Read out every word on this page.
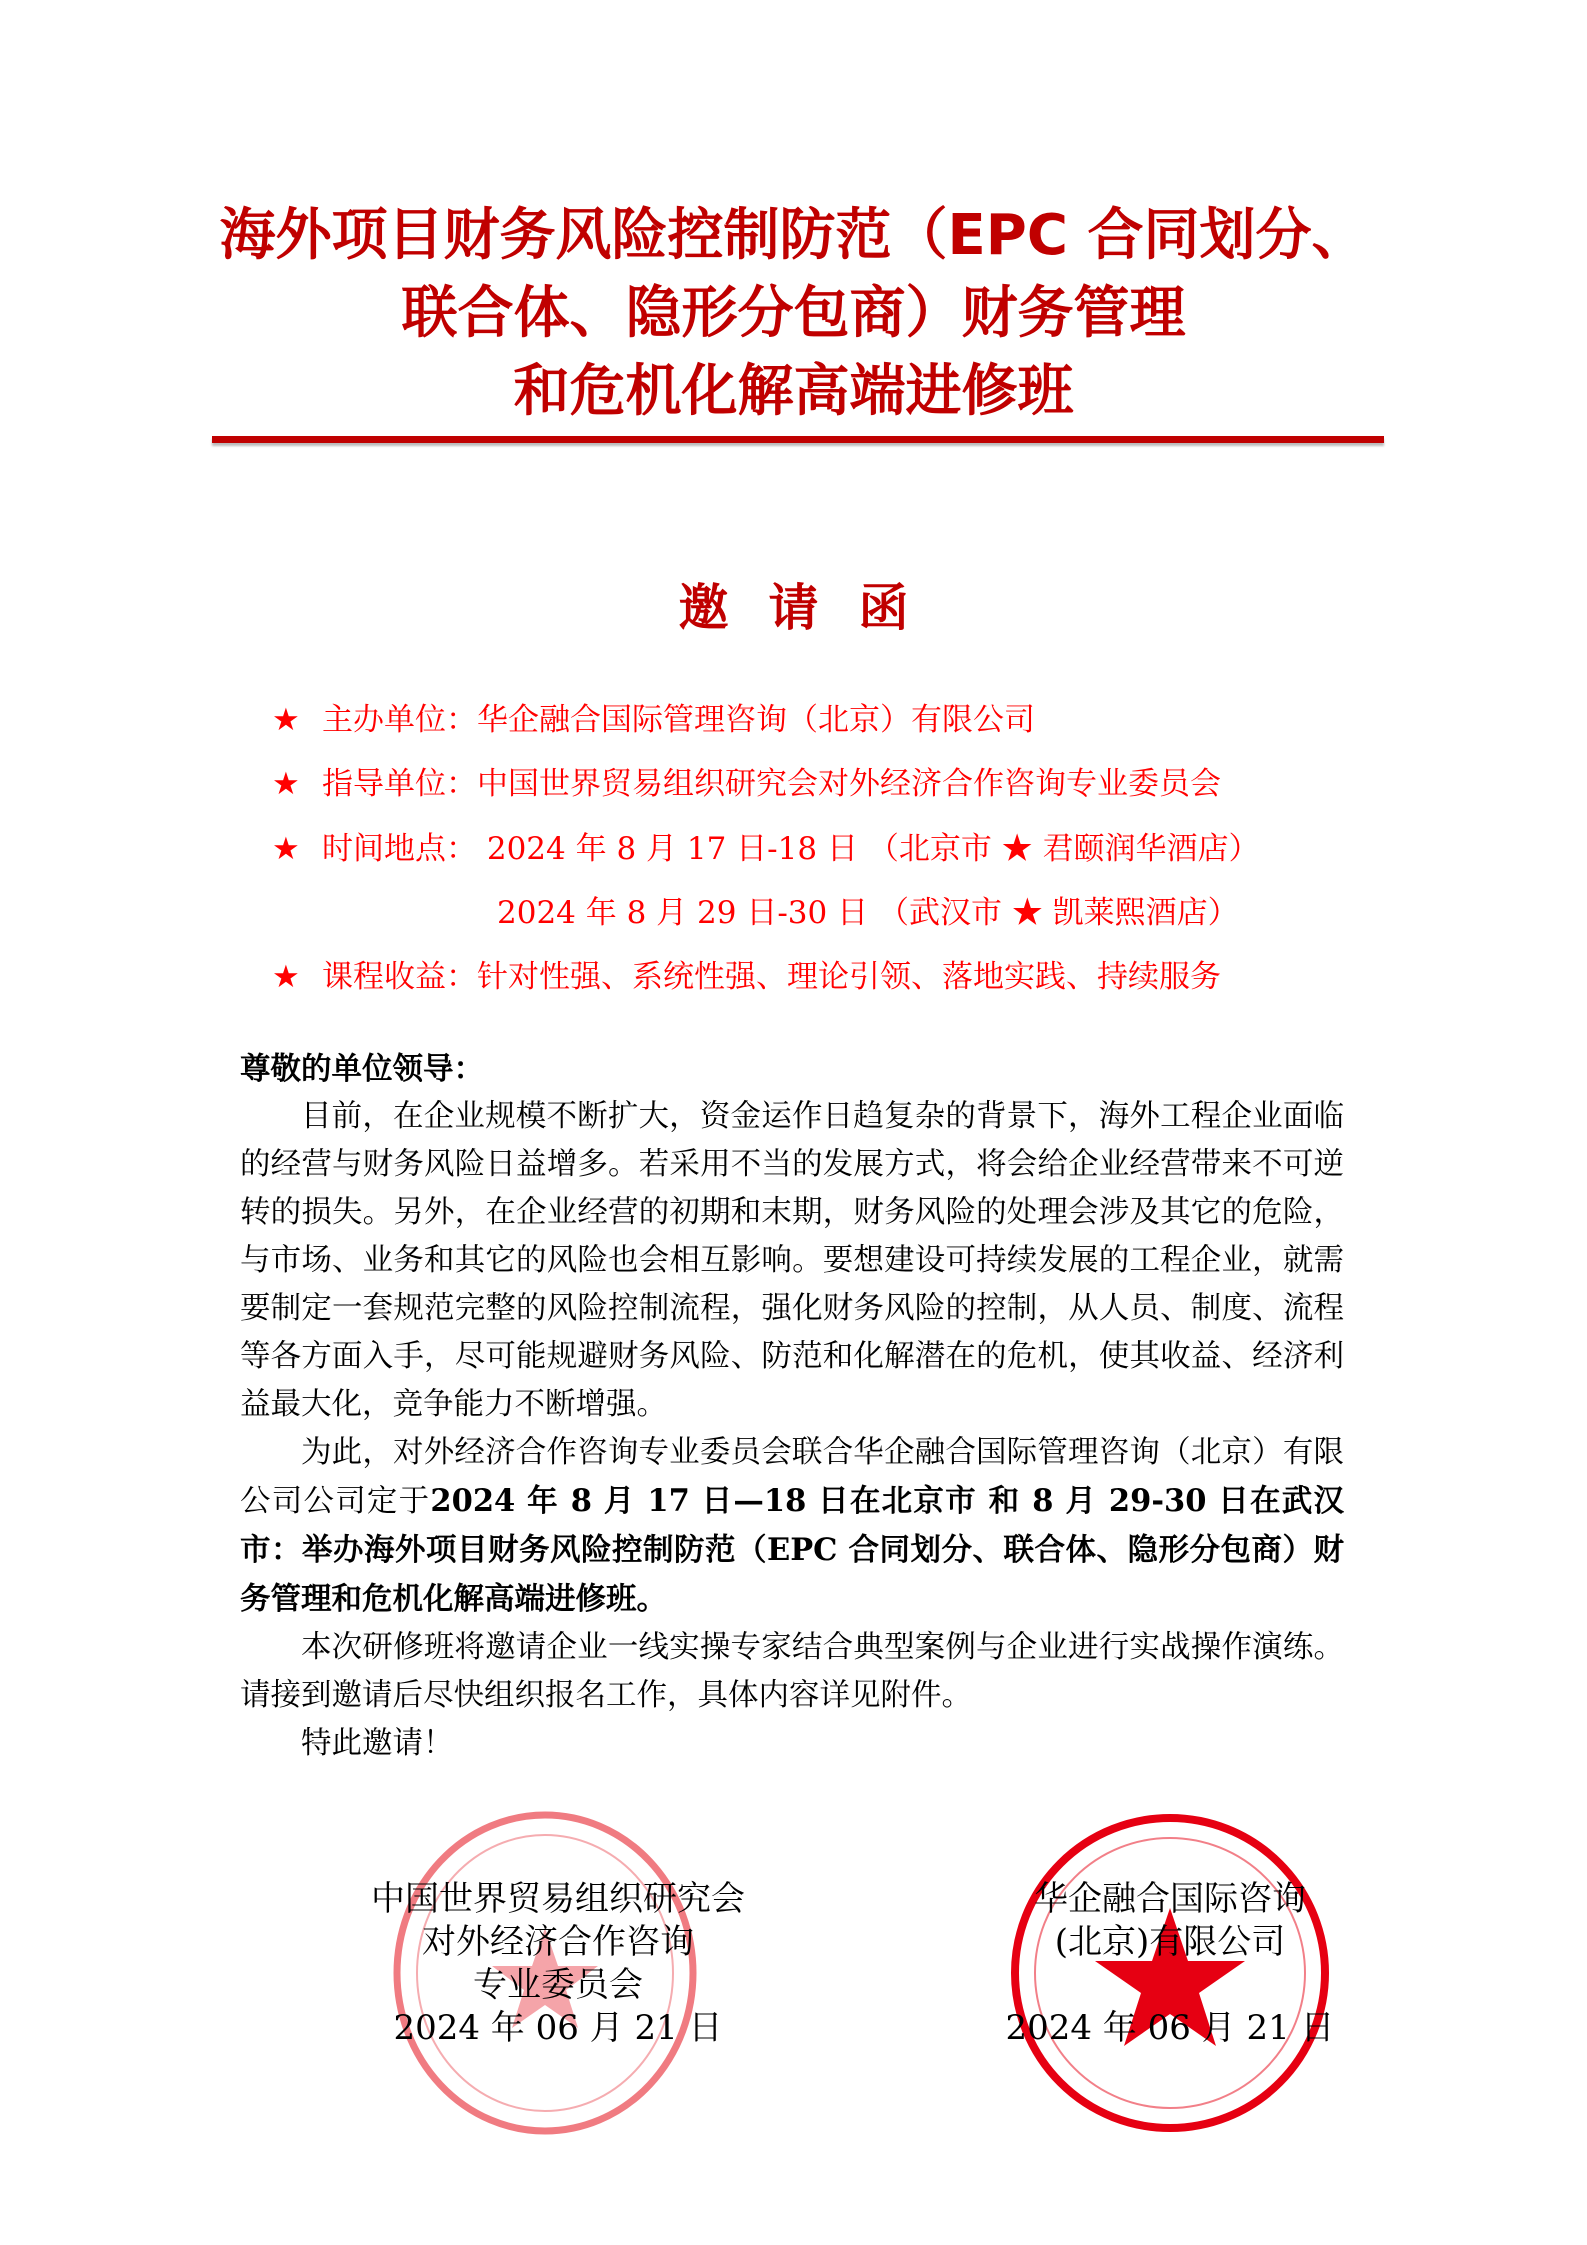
海外项目财务风险控制防范（EPC 合同划分、
联合体、隐形分包商）财务管理
和危机化解高端进修班
邀请函
★ 主办单位：华企融合国际管理咨询（北京）有限公司
★ 指导单位：中国世界贸易组织研究会对外经济合作咨询专业委员会
★ 时间地点： 2024 年 8 月 17 日-18 日 （北京市 ★ 君颐润华酒店）
2024 年 8 月 29 日-30 日 （武汉市 ★ 凯莱熙酒店）
★ 课程收益：针对性强、系统性强、理论引领、落地实践、持续服务

尊敬的单位领导：

目前，在企业规模不断扩大，资金运作日趋复杂的背景下，海外工程企业面临的经营与财务风险日益增多。若采用不当的发展方式，将会给企业经营带来不可逆转的损失。另外，在企业经营的初期和末期，财务风险的处理会涉及其它的危险，与市场、业务和其它的风险也会相互影响。要想建设可持续发展的工程企业，就需要制定一套规范完整的风险控制流程，强化财务风险的控制，从人员、制度、流程等各方面入手，尽可能规避财务风险、防范和化解潜在的危机，使其收益、经济利益最大化，竞争能力不断增强。

为此，对外经济合作咨询专业委员会联合华企融合国际管理咨询（北京）有限公司公司定于2024 年 8 月 17 日—18 日在北京市 和 8 月 29-30 日在武汉市：举办海外项目财务风险控制防范（EPC 合同划分、联合体、隐形分包商）财务管理和危机化解高端进修班。

本次研修班将邀请企业一线实操专家结合典型案例与企业进行实战操作演练。 请接到邀请后尽快组织报名工作，具体内容详见附件。

特此邀请！

中国世界贸易组织研究会
对外经济合作咨询
专业委员会
2024 年 06 月 21 日
华企融合国际咨询
(北京)有限公司
2024 年 06 月 21 日
